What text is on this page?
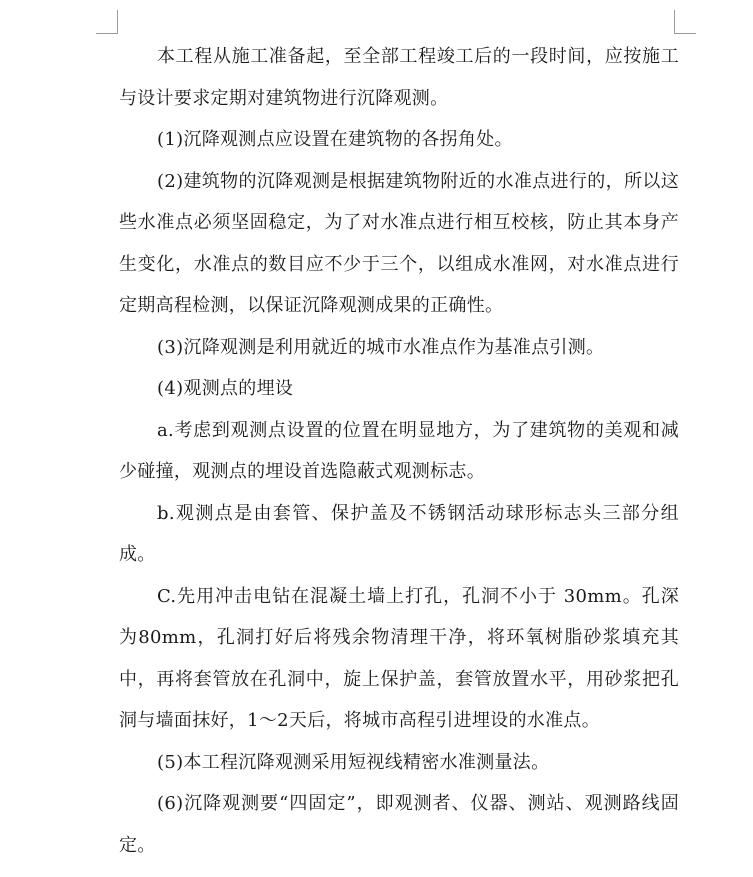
本工程从施工准备起，至全部工程竣工后的一段时间，应按施工与设计要求定期对建筑物进行沉降观测。

(1)沉降观测点应设置在建筑物的各拐角处。

(2)建筑物的沉降观测是根据建筑物附近的水准点进行的，所以这些水准点必须坚固稳定，为了对水准点进行相互校核，防止其本身产生变化，水准点的数目应不少于三个，以组成水准网，对水准点进行定期高程检测，以保证沉降观测成果的正确性。

(3)沉降观测是利用就近的城市水准点作为基准点引测。

(4)观测点的埋设

a.考虑到观测点设置的位置在明显地方，为了建筑物的美观和减少碰撞，观测点的埋设首选隐蔽式观测标志。

b.观测点是由套管、保护盖及不锈钢活动球形标志头三部分组成。

C.先用冲击电钻在混凝土墙上打孔，孔洞不小于 30mm。孔深为80mm，孔洞打好后将残余物清理干净，将环氧树脂砂浆填充其中，再将套管放在孔洞中，旋上保护盖，套管放置水平，用砂浆把孔洞与墙面抹好，1～2天后，将城市高程引进埋设的水准点。

(5)本工程沉降观测采用短视线精密水准测量法。

(6)沉降观测要“四固定”，即观测者、仪器、测站、观测路线固定。
